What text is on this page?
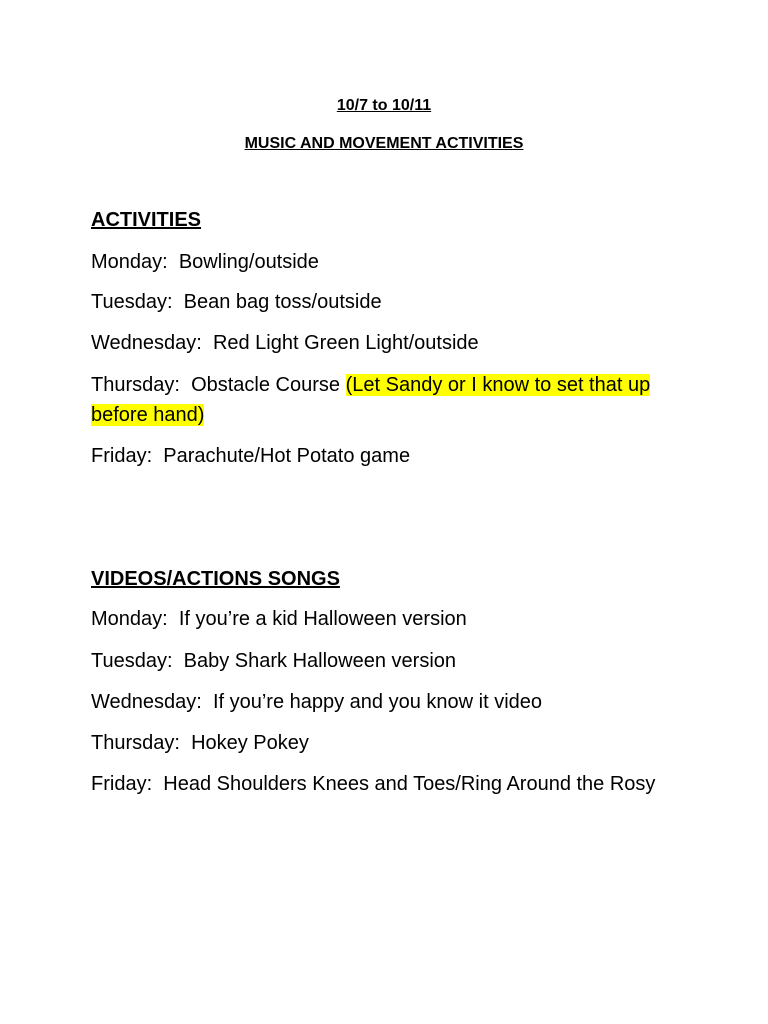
10/7 to 10/11
MUSIC AND MOVEMENT ACTIVITIES
ACTIVITIES
Monday: Bowling/outside
Tuesday: Bean bag toss/outside
Wednesday: Red Light Green Light/outside
Thursday: Obstacle Course (Let Sandy or I know to set that up before hand)
Friday: Parachute/Hot Potato game
VIDEOS/ACTIONS SONGS
Monday: If you’re a kid Halloween version
Tuesday: Baby Shark Halloween version
Wednesday: If you’re happy and you know it video
Thursday: Hokey Pokey
Friday: Head Shoulders Knees and Toes/Ring Around the Rosy
